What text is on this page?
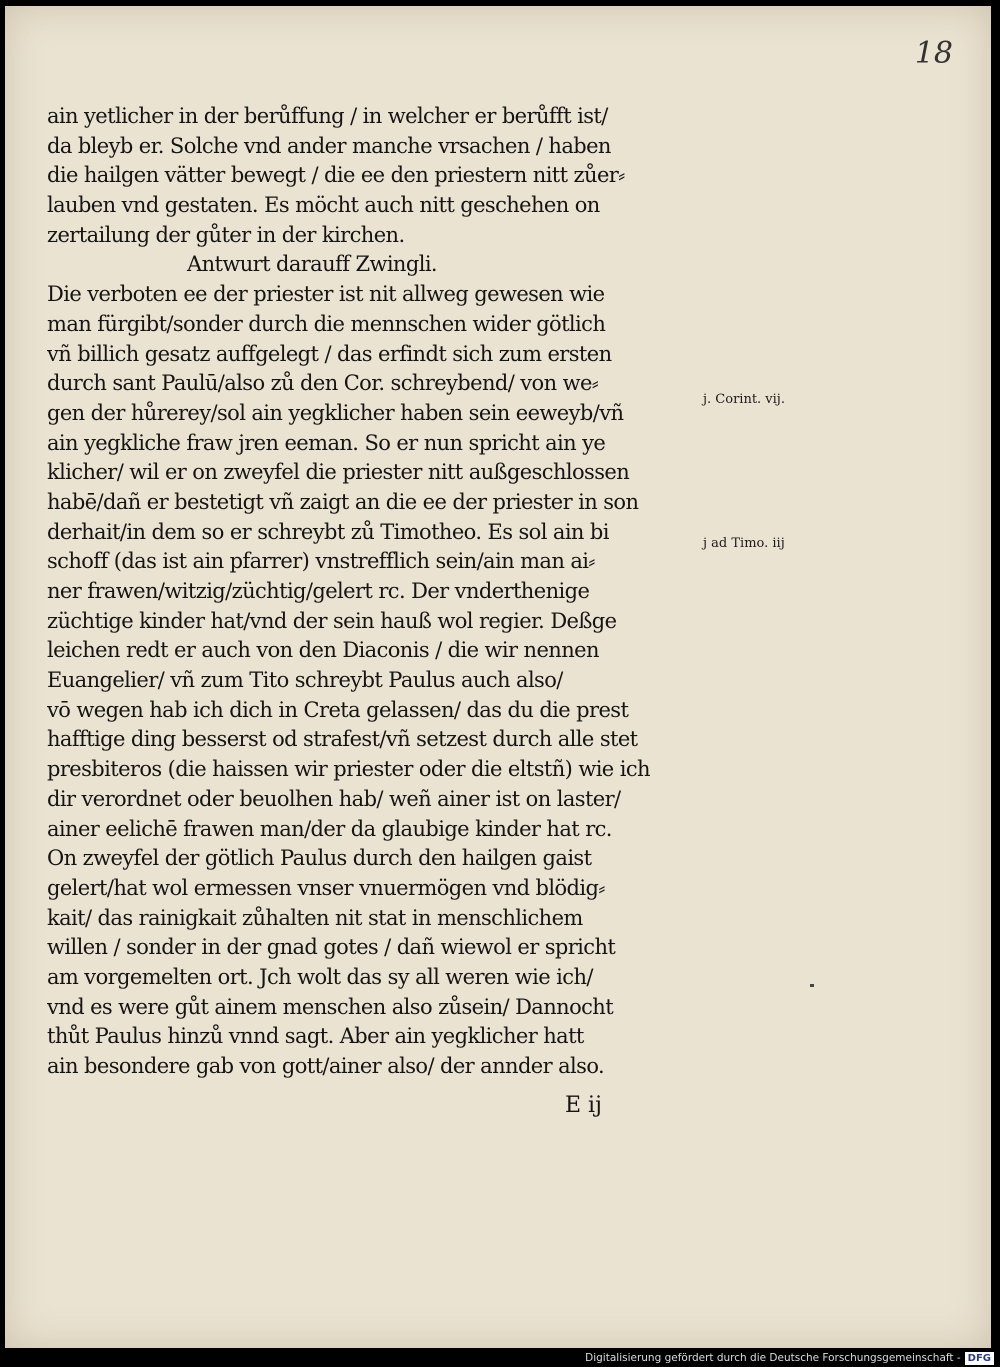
18
ain yetlicher in der berůffung / in welcher er berůfft ist/
da bleyb er. Solche vnd ander manche vrsachen / haben
die hailgen vätter bewegt / die ee den priestern nitt zůer⸗
lauben vnd gestaten. Es möcht auch nitt geschehen on
zertailung der gůter in der kirchen.
Antwurt darauff Zwingli.
Die verboten ee der priester ist nit allweg gewesen wie
man fürgibt/sonder durch die mennschen wider götlich
vñ billich gesatz auffgelegt / das erfindt sich zum ersten
durch sant Paulū/also zů den Cor. schreybend/ von we⸗
gen der hůrerey/sol ain yegklicher haben sein eeweyb/vñ
ain yegkliche fraw jren eeman. So er nun spricht ain ye
klicher/ wil er on zweyfel die priester nitt außgeschlossen
habē/dañ er bestetigt vñ zaigt an die ee der priester in son
derhait/in dem so er schreybt zů Timotheo. Es sol ain bi
schoff (das ist ain pfarrer) vnstrefflich sein/ain man ai⸗
ner frawen/witzig/züchtig/gelert rc. Der vnderthenige
züchtige kinder hat/vnd der sein hauß wol regier. Deßge
leichen redt er auch von den Diaconis / die wir nennen
Euangelier/ vñ zum Tito schreybt Paulus auch also/
vō wegen hab ich dich in Creta gelassen/ das du die prest
hafftige ding besserst od strafest/vñ setzest durch alle stet
presbiteros (die haissen wir priester oder die eltstñ) wie ich
dir verordnet oder beuolhen hab/ weñ ainer ist on laster/
ainer eelichē frawen man/der da glaubige kinder hat rc.
On zweyfel der götlich Paulus durch den hailgen gaist
gelert/hat wol ermessen vnser vnuermögen vnd blödig⸗
kait/ das rainigkait zůhalten nit stat in menschlichem
willen / sonder in der gnad gotes / dañ wiewol er spricht
am vorgemelten ort. Jch wolt das sy all weren wie ich/
vnd es were gůt ainem menschen also zůsein/ Dannocht
thůt Paulus hinzů vnnd sagt. Aber ain yegklicher hatt
ain besondere gab von gott/ainer also/ der annder also.
j. Corint. vij.
j ad Timo. iij
E ij
Digitalisierung gefördert durch die Deutsche Forschungsgemeinschaft - DFG
